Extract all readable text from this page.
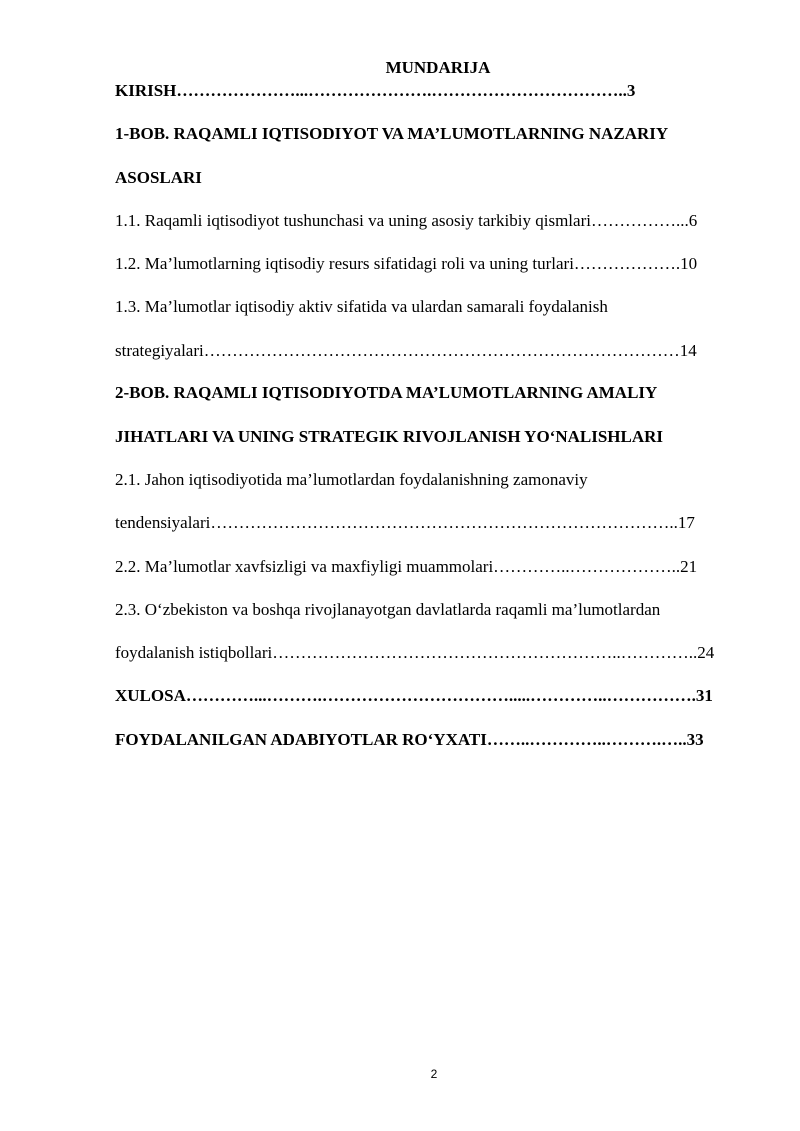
MUNDARIJA
KIRISH…………………...………………….……………………………..3
1-BOB. RAQAMLI IQTISODIYOT VA MA’LUMOTLARNING NAZARIY
ASOSLARI
1.1. Raqamli iqtisodiyot tushunchasi va uning asosiy tarkibiy qismlari……………...6
1.2. Ma’lumotlarning iqtisodiy resurs sifatidagi roli va uning turlari……………….10
1.3. Ma’lumotlar iqtisodiy aktiv sifatida va ulardan samarali foydalanish
strategiyalari…………………………………………………………………………14
2-BOB. RAQAMLI IQTISODIYOTDA MA’LUMOTLARNING AMALIY
JIHATLARI VA UNING STRATEGIK RIVOJLANISH YO‘NALISHLARI
2.1. Jahon iqtisodiyotida ma’lumotlardan foydalanishning zamonaviy
tendensiyalari………………………………………………………………………..17
2.2. Ma’lumotlar xavfsizligi va maxfiyligi muammolari…………..………………..21
2.3. O‘zbekiston va boshqa rivojlanayotgan davlatlarda raqamli ma’lumotlardan
foydalanish istiqbollari……………………………………………………..…………..24
XULOSA…………...……….…………………………….....…………..…………….31
FOYDALANILGAN ADABIYOTLAR RO‘YXATI……..…………..……….…..33
2
